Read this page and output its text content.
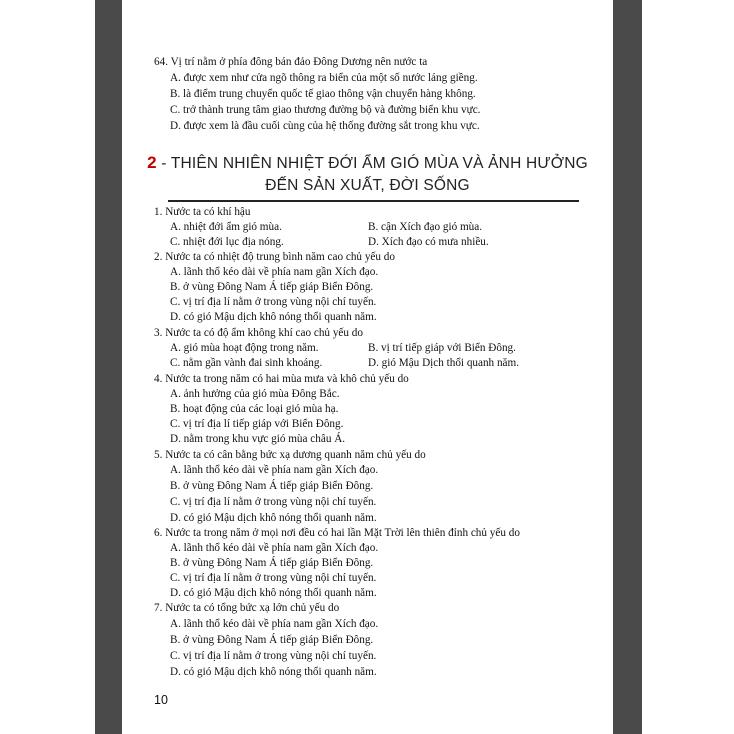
64. Vị trí nằm ở phía đông bán đảo Đông Dương nên nước ta
A. được xem như cửa ngõ thông ra biển của một số nước láng giềng.
B. là điểm trung chuyển quốc tế giao thông vận chuyển hàng không.
C. trở thành trung tâm giao thương đường bộ và đường biển khu vực.
D. được xem là đầu cuối cùng của hệ thống đường sắt trong khu vực.
2 - THIÊN NHIÊN NHIỆT ĐỚI ẨM GIÓ MÙA VÀ ẢNH HƯỞNG
ĐẾN SẢN XUẤT, ĐỜI SỐNG
1. Nước ta có khí hậu
A. nhiệt đới ẩm gió mùa.	B. cận Xích đạo gió mùa.
C. nhiệt đới lục địa nóng.	D. Xích đạo có mưa nhiều.
2. Nước ta có nhiệt độ trung bình năm cao chủ yếu do
A. lãnh thổ kéo dài về phía nam gần Xích đạo.
B. ở vùng Đông Nam Á tiếp giáp Biển Đông.
C. vị trí địa lí nằm ở trong vùng nội chí tuyến.
D. có gió Mậu dịch khô nóng thổi quanh năm.
3. Nước ta có độ ẩm không khí cao chủ yếu do
A. gió mùa hoạt động trong năm.	B. vị trí tiếp giáp với Biển Đông.
C. nằm gần vành đai sinh khoáng.	D. gió Mậu Dịch thổi quanh năm.
4. Nước ta trong năm có hai mùa mưa và khô chủ yếu do
A. ảnh hưởng của gió mùa Đông Bắc.
B. hoạt động của các loại gió mùa hạ.
C. vị trí địa lí tiếp giáp với Biển Đông.
D. nằm trong khu vực gió mùa châu Á.
5. Nước ta có cân bằng bức xạ dương quanh năm chủ yếu do
A. lãnh thổ kéo dài về phía nam gần Xích đạo.
B. ở vùng Đông Nam Á tiếp giáp Biển Đông.
C. vị trí địa lí nằm ở trong vùng nội chí tuyến.
D. có gió Mậu dịch khô nóng thổi quanh năm.
6. Nước ta trong năm ở mọi nơi đều có hai lần Mặt Trời lên thiên đỉnh chủ yếu do
A. lãnh thổ kéo dài về phía nam gần Xích đạo.
B. ở vùng Đông Nam Á tiếp giáp Biển Đông.
C. vị trí địa lí nằm ở trong vùng nội chí tuyến.
D. có gió Mậu dịch khô nóng thổi quanh năm.
7. Nước ta có tổng bức xạ lớn chủ yếu do
A. lãnh thổ kéo dài về phía nam gần Xích đạo.
B. ở vùng Đông Nam Á tiếp giáp Biển Đông.
C. vị trí địa lí nằm ở trong vùng nội chí tuyến.
D. có gió Mậu dịch khô nóng thổi quanh năm.
10
